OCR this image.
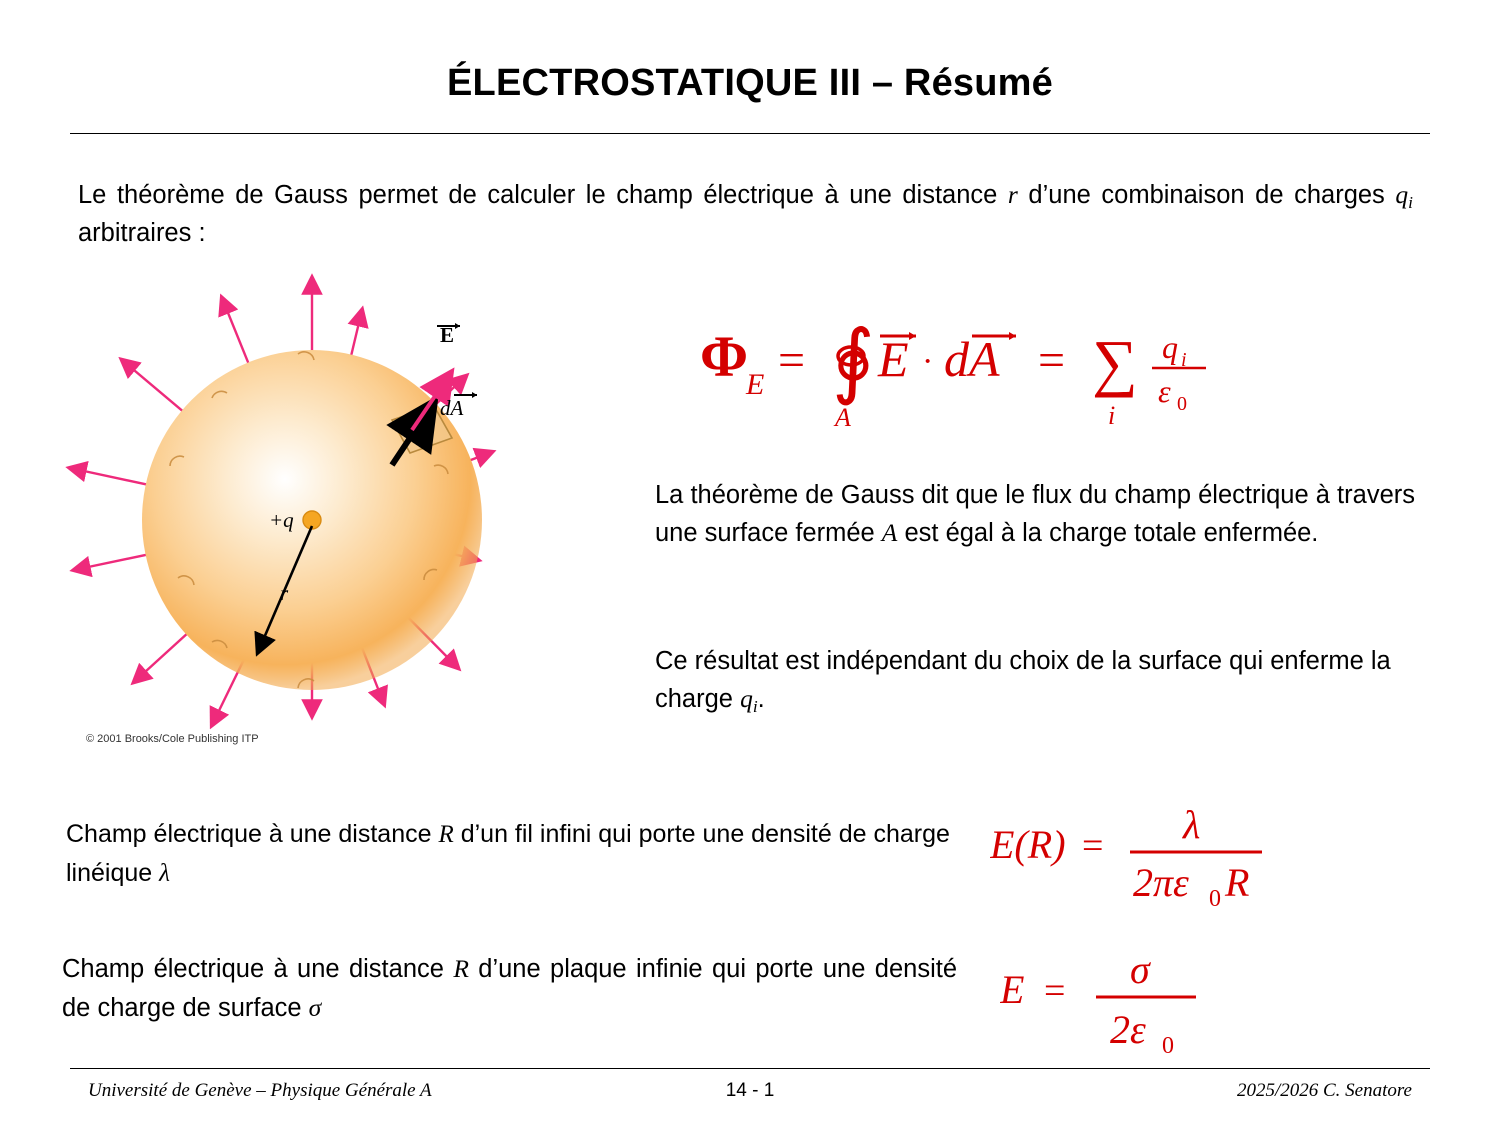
ÉLECTROSTATIQUE III – Résumé
Le théorème de Gauss permet de calculer le champ électrique à une distance r d’une combinaison de charges $q_i$ arbitraires :
E
dA
+q
r
© 2001 Brooks/Cole Publishing ITP
Φ
E = ∮
A
E · dA = ∑
i
q i
ε 0
La théorème de Gauss dit que le flux du champ électrique à travers une surface fermée A est égal à la charge totale enfermée.
Ce résultat est indépendant du choix de la surface qui enferme la charge $q_i$.
Champ électrique à une distance R d’un fil infini qui porte une densité de charge linéique λ
E(R) = λ
2πε 0 R
Champ électrique à une distance R d’une plaque infinie qui porte une densité de charge de surface σ	E = σ
2ε 0
Université de Genève – Physique Générale A	14 - 1	2025/2026 C. Senatore
